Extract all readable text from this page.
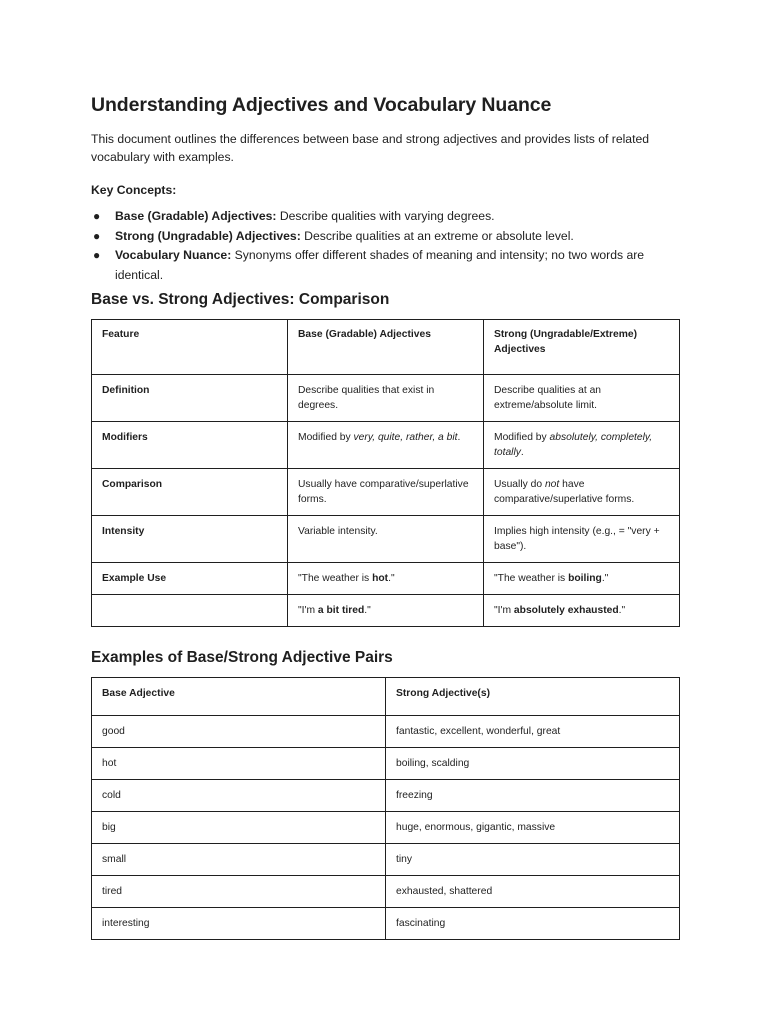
Understanding Adjectives and Vocabulary Nuance
This document outlines the differences between base and strong adjectives and provides lists of related vocabulary with examples.
Key Concepts:
● Base (Gradable) Adjectives: Describe qualities with varying degrees.
● Strong (Ungradable) Adjectives: Describe qualities at an extreme or absolute level.
● Vocabulary Nuance: Synonyms offer different shades of meaning and intensity; no two words are identical.
Base vs. Strong Adjectives: Comparison
Feature	Base (Gradable) Adjectives	Strong (Ungradable/Extreme) Adjectives
Definition	Describe qualities that exist in degrees.	Describe qualities at an extreme/absolute limit.
Modifiers	Modified by very, quite, rather, a bit.	Modified by absolutely, completely, totally.
Comparison	Usually have comparative/superlative forms.	Usually do not have comparative/superlative forms.
Intensity	Variable intensity.	Implies high intensity (e.g., = "very + base").
Example Use	"The weather is hot."	"The weather is boiling."
	"I'm a bit tired."	"I'm absolutely exhausted."
Examples of Base/Strong Adjective Pairs
Base Adjective	Strong Adjective(s)
good	fantastic, excellent, wonderful, great
hot	boiling, scalding
cold	freezing
big	huge, enormous, gigantic, massive
small	tiny
tired	exhausted, shattered
interesting	fascinating
